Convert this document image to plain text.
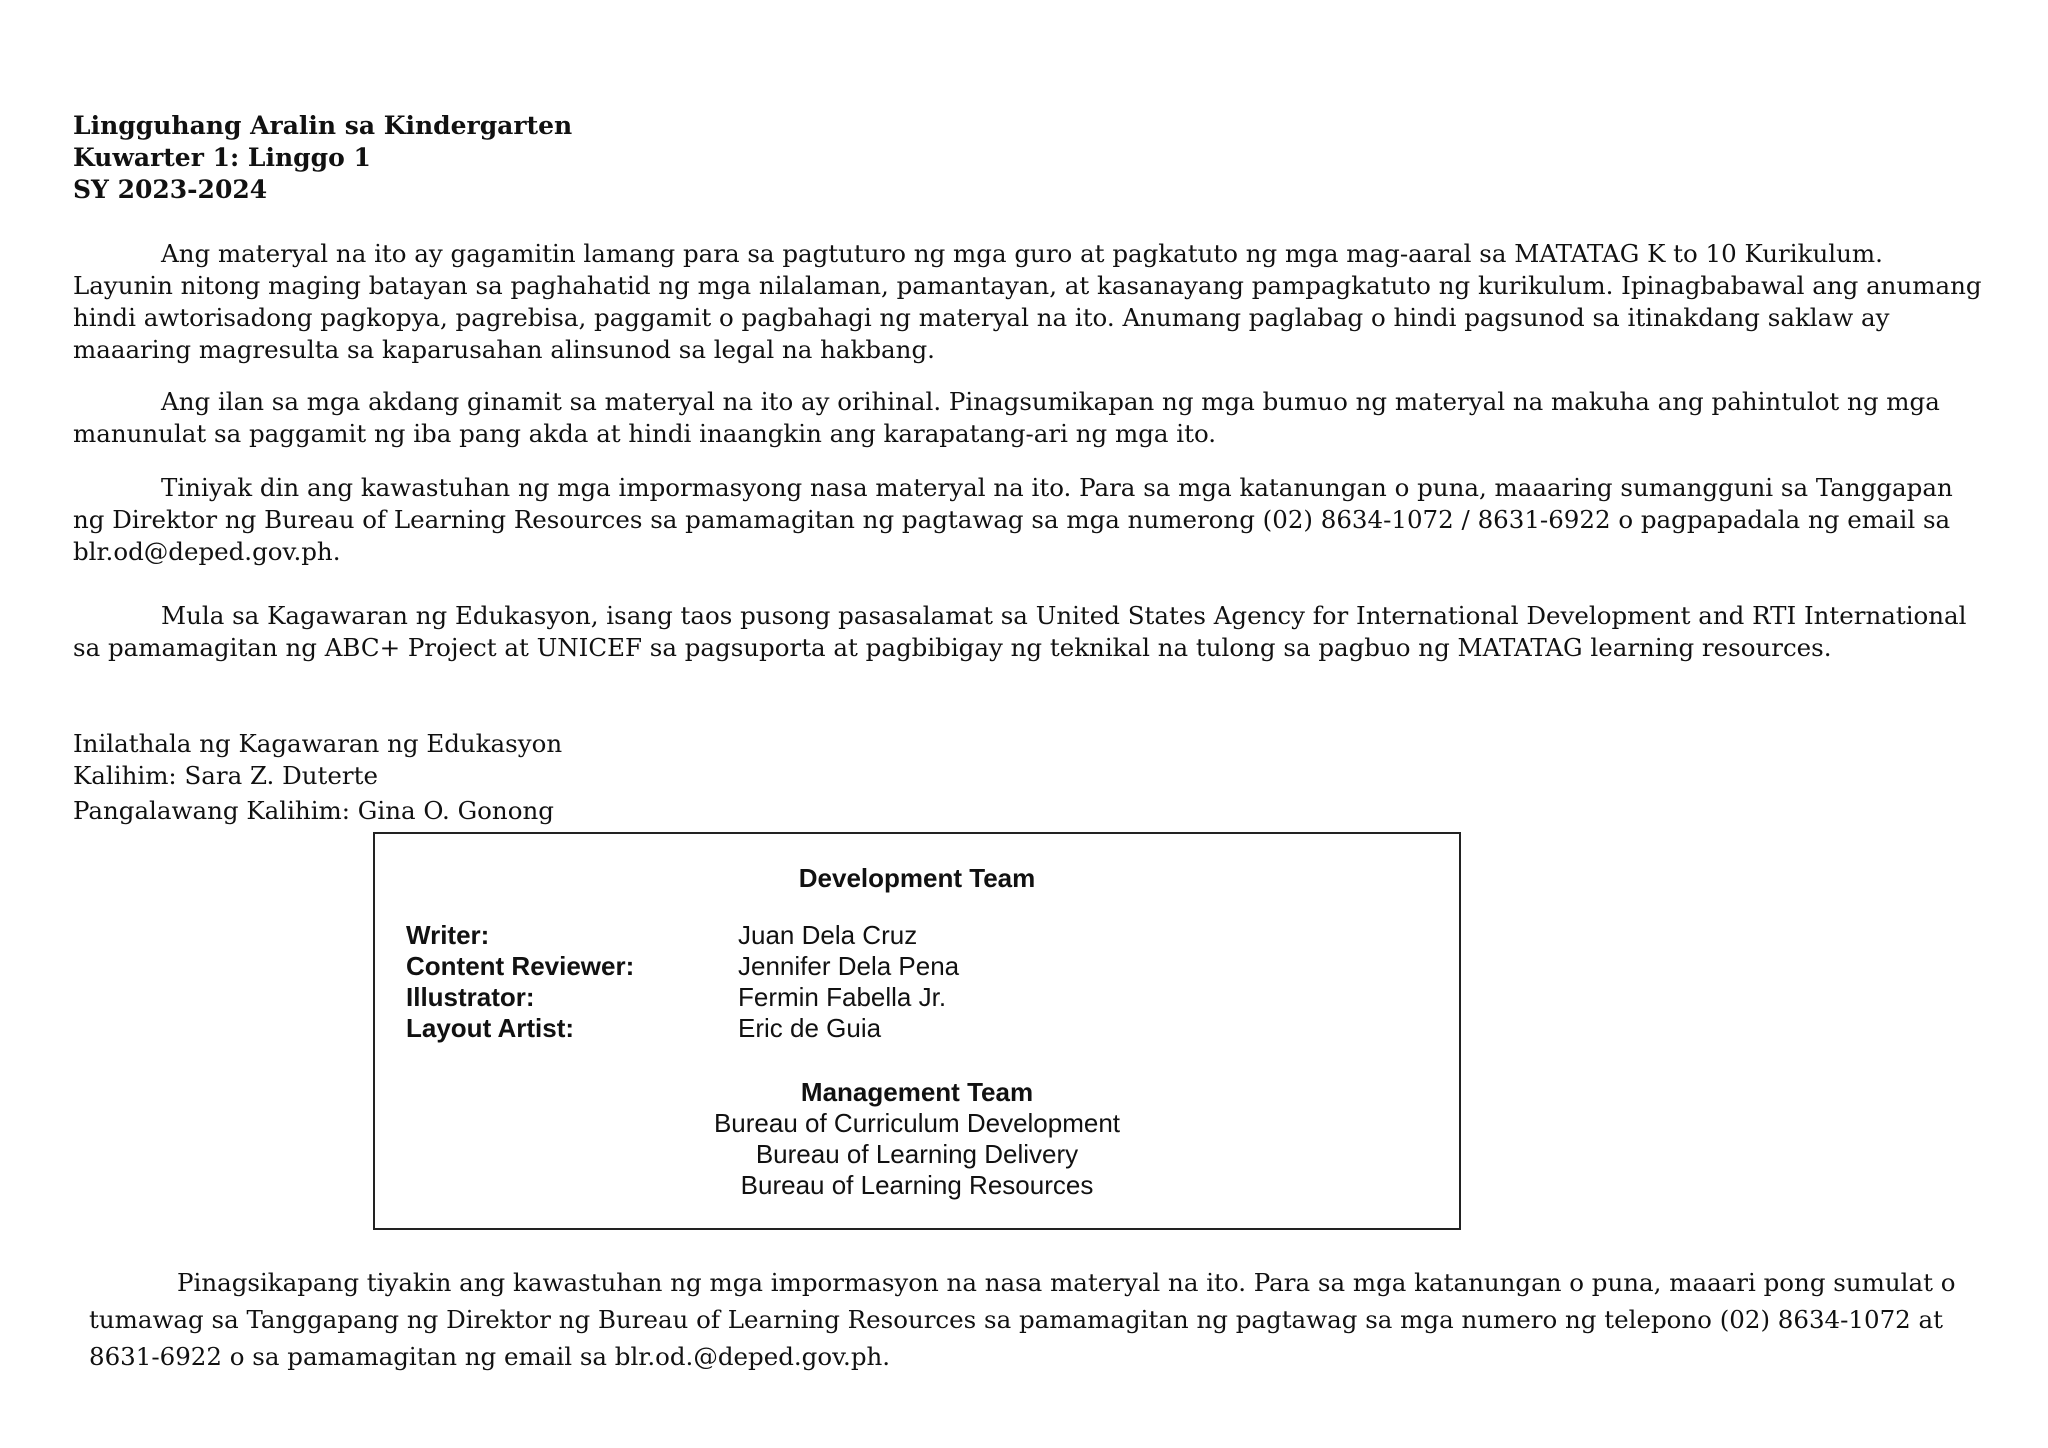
Lingguhang Aralin sa Kindergarten
Kuwarter 1: Linggo 1
SY 2023-2024

Ang materyal na ito ay gagamitin lamang para sa pagtuturo ng mga guro at pagkatuto ng mga mag-aaral sa MATATAG K to 10 Kurikulum. Layunin nitong maging batayan sa paghahatid ng mga nilalaman, pamantayan, at kasanayang pampagkatuto ng kurikulum. Ipinagbabawal ang anumang hindi awtorisadong pagkopya, pagrebisa, paggamit o pagbahagi ng materyal na ito. Anumang paglabag o hindi pagsunod sa itinakdang saklaw ay maaaring magresulta sa kaparusahan alinsunod sa legal na hakbang.

Ang ilan sa mga akdang ginamit sa materyal na ito ay orihinal. Pinagsumikapan ng mga bumuo ng materyal na makuha ang pahintulot ng mga manunulat sa paggamit ng iba pang akda at hindi inaangkin ang karapatang-ari ng mga ito.

Tiniyak din ang kawastuhan ng mga impormasyong nasa materyal na ito. Para sa mga katanungan o puna, maaaring sumangguni sa Tanggapan ng Direktor ng Bureau of Learning Resources sa pamamagitan ng pagtawag sa mga numerong (02) 8634-1072 / 8631-6922 o pagpapadala ng email sa blr.od@deped.gov.ph.

Mula sa Kagawaran ng Edukasyon, isang taos pusong pasasalamat sa United States Agency for International Development and RTI International sa pamamagitan ng ABC+ Project at UNICEF sa pagsuporta at pagbibigay ng teknikal na tulong sa pagbuo ng MATATAG learning resources.

Inilathala ng Kagawaran ng Edukasyon
Kalihim: Sara Z. Duterte
Pangalawang Kalihim: Gina O. Gonong
Development Team
Writer:	Juan Dela Cruz
Content Reviewer:	Jennifer Dela Pena
Illustrator:	Fermin Fabella Jr.
Layout Artist:	Eric de Guia
Management Team
Bureau of Curriculum Development
Bureau of Learning Delivery
Bureau of Learning Resources

Pinagsikapang tiyakin ang kawastuhan ng mga impormasyon na nasa materyal na ito. Para sa mga katanungan o puna, maaari pong sumulat o tumawag sa Tanggapang ng Direktor ng Bureau of Learning Resources sa pamamagitan ng pagtawag sa mga numero ng telepono (02) 8634-1072 at 8631-6922 o sa pamamagitan ng email sa blr.od.@deped.gov.ph.
